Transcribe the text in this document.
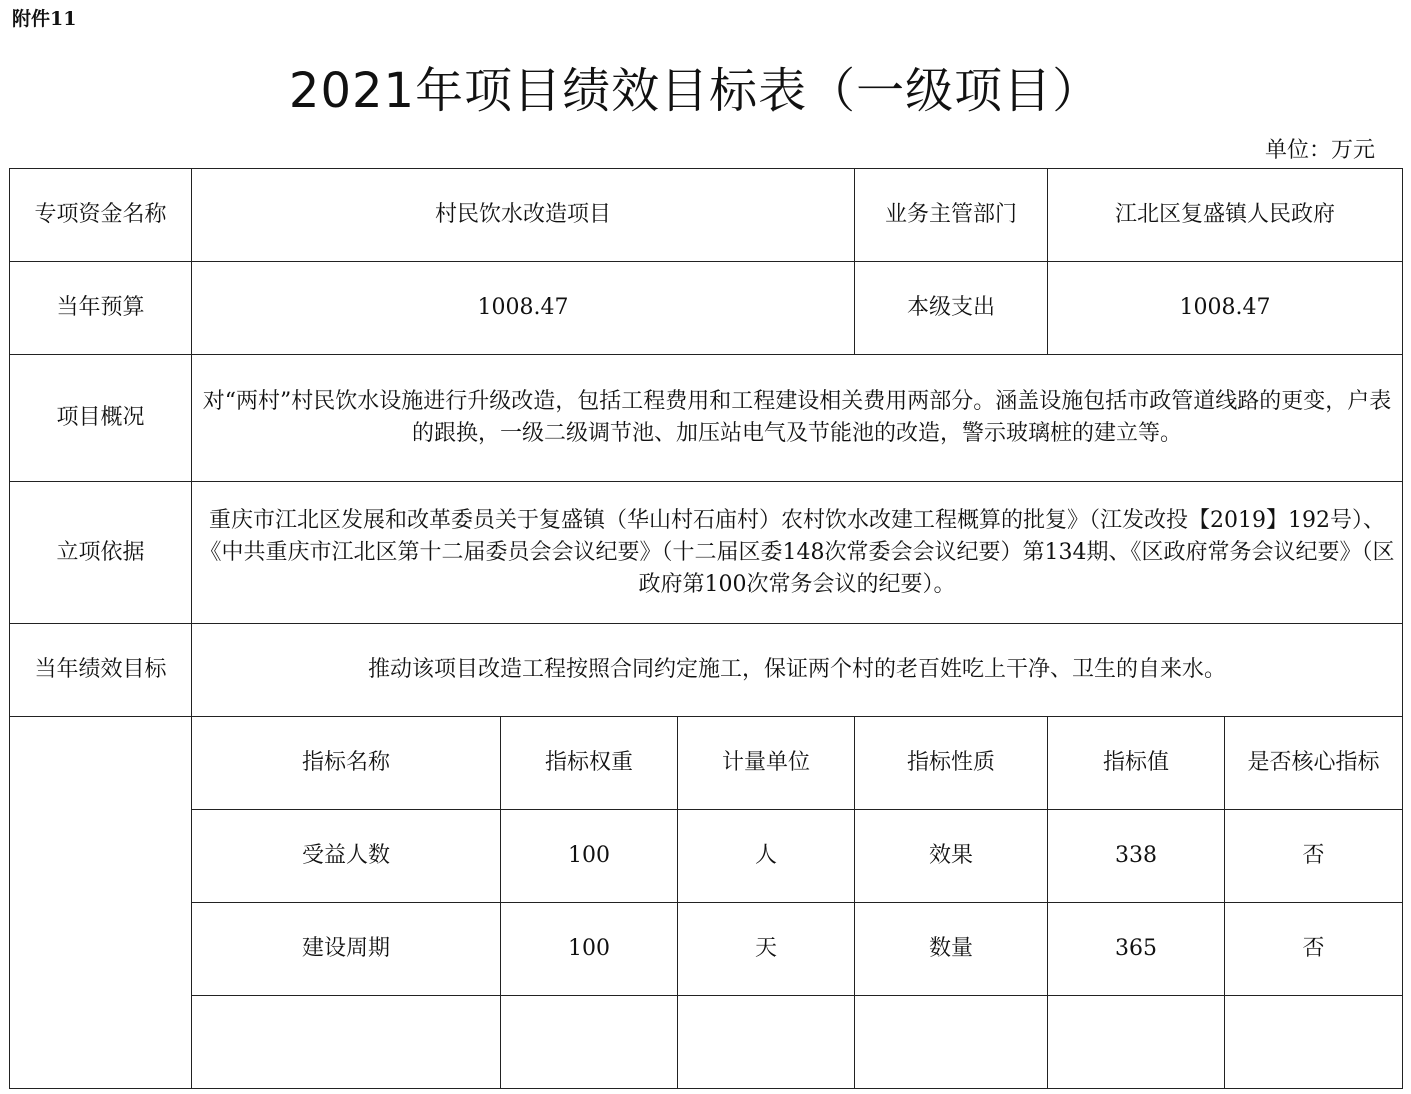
附件11
2021年项目绩效目标表（一级项目）
单位：万元
专项资金名称	村民饮水改造项目			业务主管部门	江北区复盛镇人民政府	
当年预算	1008.47			本级支出	1008.47	
项目概况	对“两村”村民饮水设施进行升级改造，包括工程费用和工程建设相关费用两部分。涵盖设施包括市政管道线路的更变，户表的跟换，一级二级调节池、加压站电气及节能池的改造，警示玻璃桩的建立等。					
立项依据	重庆市江北区发展和改革委员关于复盛镇（华山村石庙村）农村饮水改建工程概算的批复》（江发改投【2019】192号）、《中共重庆市江北区第十二届委员会会议纪要》（十二届区委148次常委会会议纪要）第134期、《区政府常务会议纪要》（区政府第100次常务会议的纪要）。					
当年绩效目标	推动该项目改造工程按照合同约定施工，保证两个村的老百姓吃上干净、卫生的自来水。					
	指标名称	指标权重	计量单位	指标性质	指标值	是否核心指标
	受益人数	100	人	效果	338	否
	建设周期	100	天	数量	365	否
